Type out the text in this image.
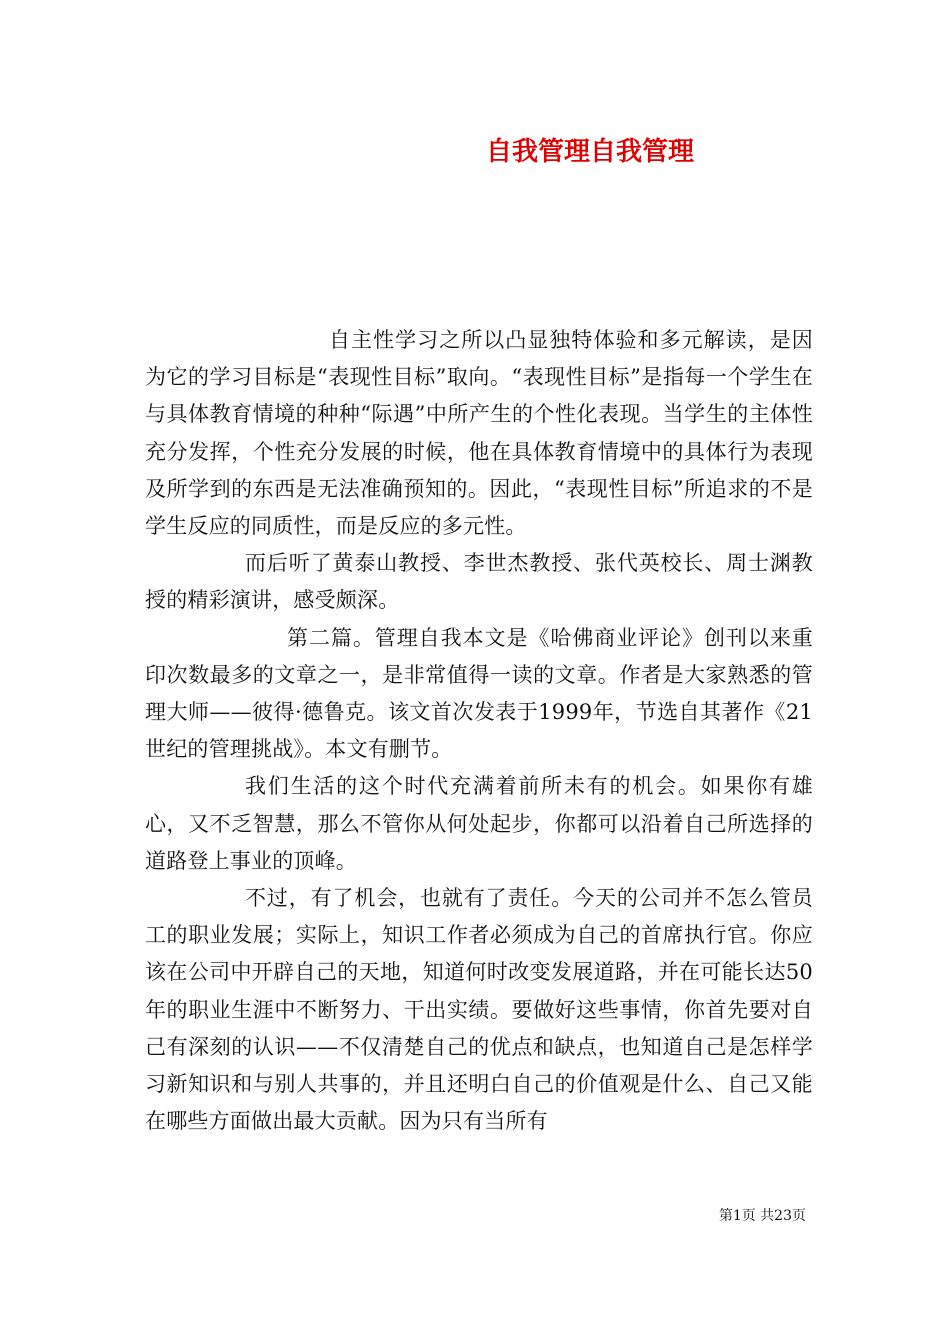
自我管理自我管理

自主性学习之所以凸显独特体验和多元解读，是因为它的学习目标是“表现性目标”取向。“表现性目标”是指每一个学生在与具体教育情境的种种“际遇”中所产生的个性化表现。当学生的主体性充分发挥，个性充分发展的时候，他在具体教育情境中的具体行为表现及所学到的东西是无法准确预知的。因此，“表现性目标”所追求的不是学生反应的同质性，而是反应的多元性。

而后听了黄泰山教授、李世杰教授、张代英校长、周士渊教授的精彩演讲，感受颇深。

第二篇。管理自我本文是《哈佛商业评论》创刊以来重印次数最多的文章之一，是非常值得一读的文章。作者是大家熟悉的管理大师——彼得·德鲁克。该文首次发表于1999年，节选自其著作《21世纪的管理挑战》。本文有删节。

我们生活的这个时代充满着前所未有的机会。如果你有雄心，又不乏智慧，那么不管你从何处起步，你都可以沿着自己所选择的道路登上事业的顶峰。

不过，有了机会，也就有了责任。今天的公司并不怎么管员工的职业发展；实际上，知识工作者必须成为自己的首席执行官。你应该在公司中开辟自己的天地，知道何时改变发展道路，并在可能长达50年的职业生涯中不断努力、干出实绩。要做好这些事情，你首先要对自己有深刻的认识——不仅清楚自己的优点和缺点，也知道自己是怎样学习新知识和与别人共事的，并且还明白自己的价值观是什么、自己又能在哪些方面做出最大贡献。因为只有当所有

第1页 共23页
